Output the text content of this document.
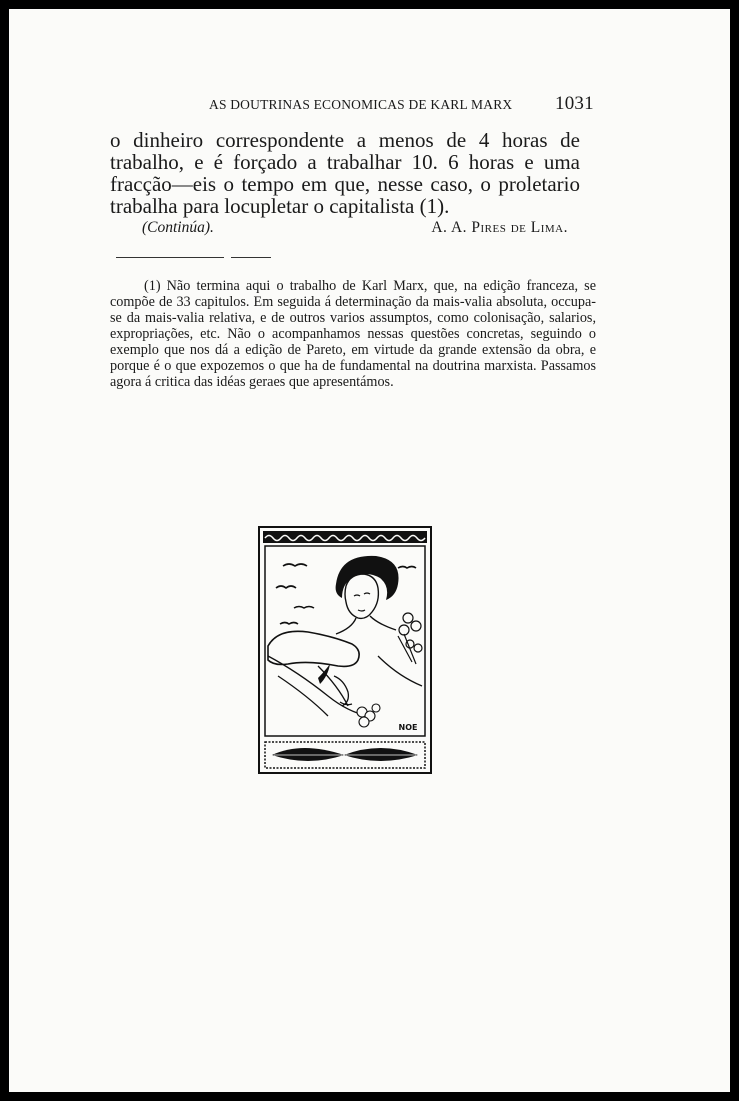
AS DOUTRINAS ECONOMICAS DE KARL MARX 1031

o dinheiro correspondente a menos de 4 horas de trabalho, e é forçado a trabalhar 10. 6 horas e uma fracção—eis o tempo em que, nesse caso, o proletario trabalha para locupletar o capitalista (1).

(Continúa).	A. A. Pires de Lima.

(1) Não termina aqui o trabalho de Karl Marx, que, na edição franceza, se compõe de 33 capitulos. Em seguida á determinação da mais-valia absoluta, occupa-se da mais-valia relativa, e de outros varios assumptos, como colonisação, salarios, expropriações, etc. Não o acompanhamos nessas questões concretas, seguindo o exemplo que nos dá a edição de Pareto, em virtude da grande extensão da obra, e porque é o que expozemos o que ha de fundamental na doutrina marxista. Passamos agora á critica das idéas geraes que apresentámos.

NOE
